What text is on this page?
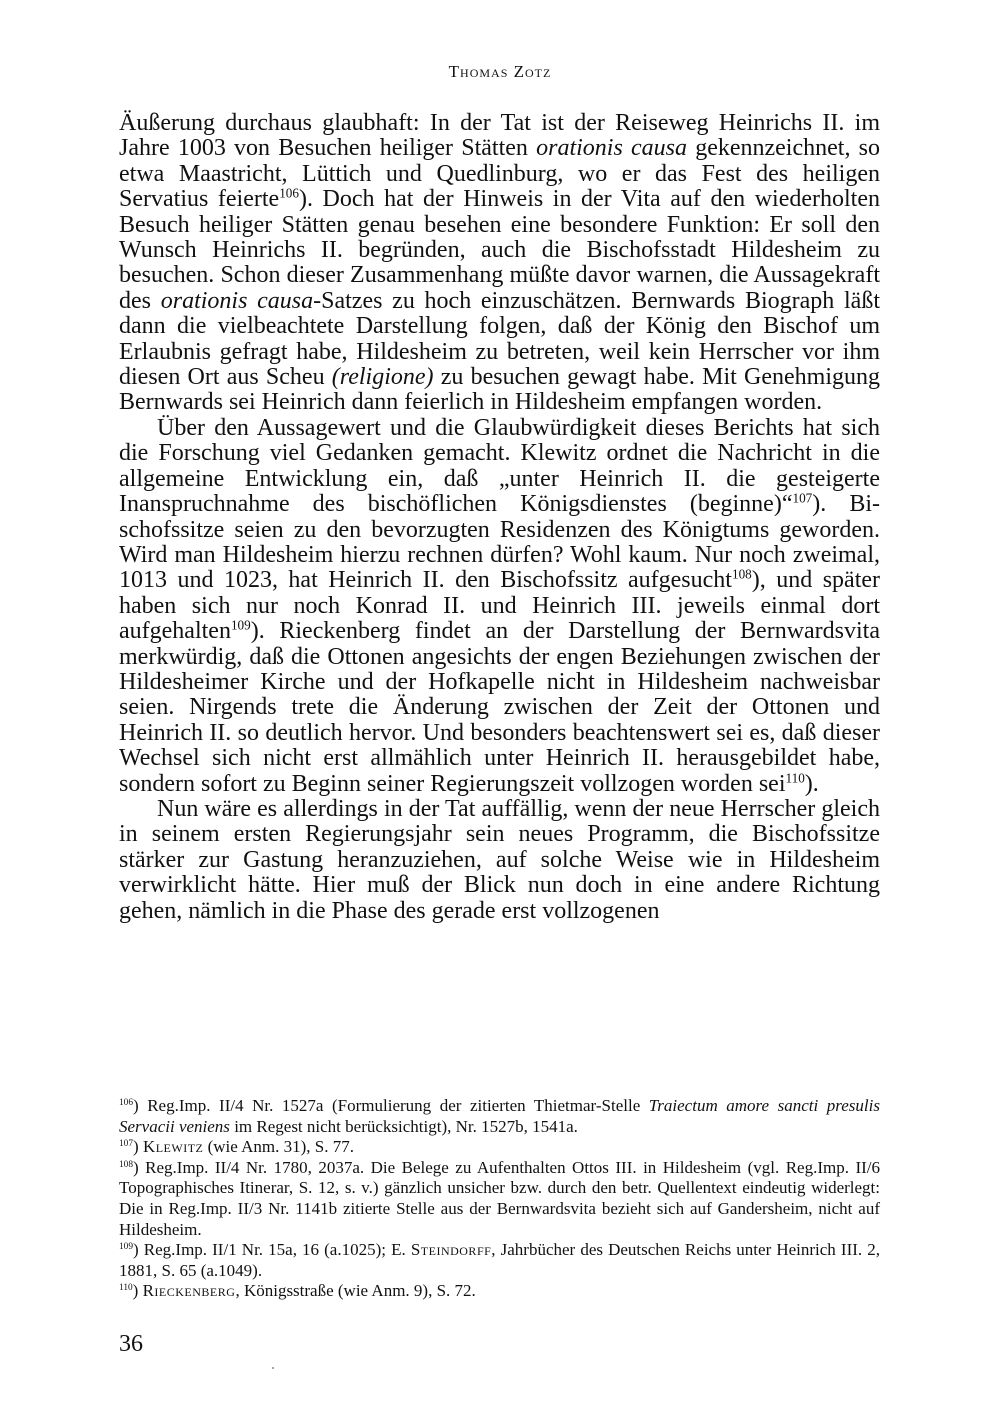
Thomas Zotz

Äußerung durchaus glaubhaft: In der Tat ist der Reiseweg Heinrichs II. im Jahre 1003 von Besuchen heiliger Stätten orationis causa gekennzeichnet, so etwa Maastricht, Lüttich und Quedlinburg, wo er das Fest des heiligen Servatius feierte$^{106}$). Doch hat der Hinweis in der Vita auf den wiederholten Besuch heiliger Stätten genau besehen eine besondere Funktion: Er soll den Wunsch Heinrichs II. begründen, auch die Bischofsstadt Hildesheim zu besuchen. Schon dieser Zusammenhang müßte davor warnen, die Aussagekraft des orationis causa-Satzes zu hoch einzuschätzen. Bernwards Biograph läßt dann die vielbeachtete Darstellung folgen, daß der König den Bischof um Erlaubnis gefragt habe, Hildesheim zu betreten, weil kein Herrscher vor ihm diesen Ort aus Scheu (religione) zu besuchen gewagt habe. Mit Genehmigung Bernwards sei Heinrich dann feierlich in Hildesheim empfangen worden.

Über den Aussagewert und die Glaubwürdigkeit dieses Berichts hat sich die Forschung viel Gedanken gemacht. Klewitz ordnet die Nachricht in die allgemeine Entwicklung ein, daß „unter Heinrich II. die gesteigerte Inanspruchnahme des bischöflichen Königsdienstes (beginne)“$^{107}$). Bischofssitze seien zu den bevorzugten Residenzen des Königtums geworden. Wird man Hildesheim hierzu rechnen dürfen? Wohl kaum. Nur noch zweimal, 1013 und 1023, hat Heinrich II. den Bischofssitz aufgesucht$^{108}$), und später haben sich nur noch Konrad II. und Heinrich III. jeweils einmal dort aufgehalten$^{109}$). Rieckenberg findet an der Darstellung der Bernwardsvita merkwürdig, daß die Ottonen angesichts der engen Beziehungen zwischen der Hildesheimer Kirche und der Hofkapelle nicht in Hildesheim nachweisbar seien. Nirgends trete die Änderung zwischen der Zeit der Ottonen und Heinrich II. so deutlich hervor. Und besonders beachtenswert sei es, daß dieser Wechsel sich nicht erst allmählich unter Heinrich II. herausgebildet habe, sondern sofort zu Beginn seiner Regierungszeit vollzogen worden sei$^{110}$).

Nun wäre es allerdings in der Tat auffällig, wenn der neue Herrscher gleich in seinem ersten Regierungsjahr sein neues Programm, die Bischofssitze stärker zur Gastung heranzuziehen, auf solche Weise wie in Hildesheim verwirklicht hätte. Hier muß der Blick nun doch in eine andere Richtung gehen, nämlich in die Phase des gerade erst vollzogenen

$^{106}$) Reg.Imp. II/4 Nr. 1527a (Formulierung der zitierten Thietmar-Stelle Traiectum amore sancti presulis Servacii veniens im Regest nicht berücksichtigt), Nr. 1527b, 1541a.

$^{107}$) Klewitz (wie Anm. 31), S. 77.

$^{108}$) Reg.Imp. II/4 Nr. 1780, 2037a. Die Belege zu Aufenthalten Ottos III. in Hildesheim (vgl. Reg.Imp. II/6 Topographisches Itinerar, S. 12, s. v.) gänzlich unsicher bzw. durch den betr. Quellentext eindeutig widerlegt: Die in Reg.Imp. II/3 Nr. 1141b zitierte Stelle aus der Bernwardsvita bezieht sich auf Gandersheim, nicht auf Hildesheim.

$^{109}$) Reg.Imp. II/1 Nr. 15a, 16 (a.1025); E. Steindorff, Jahrbücher des Deutschen Reichs unter Heinrich III. 2, 1881, S. 65 (a.1049).

$^{110}$) Rieckenberg, Königsstraße (wie Anm. 9), S. 72.

36
